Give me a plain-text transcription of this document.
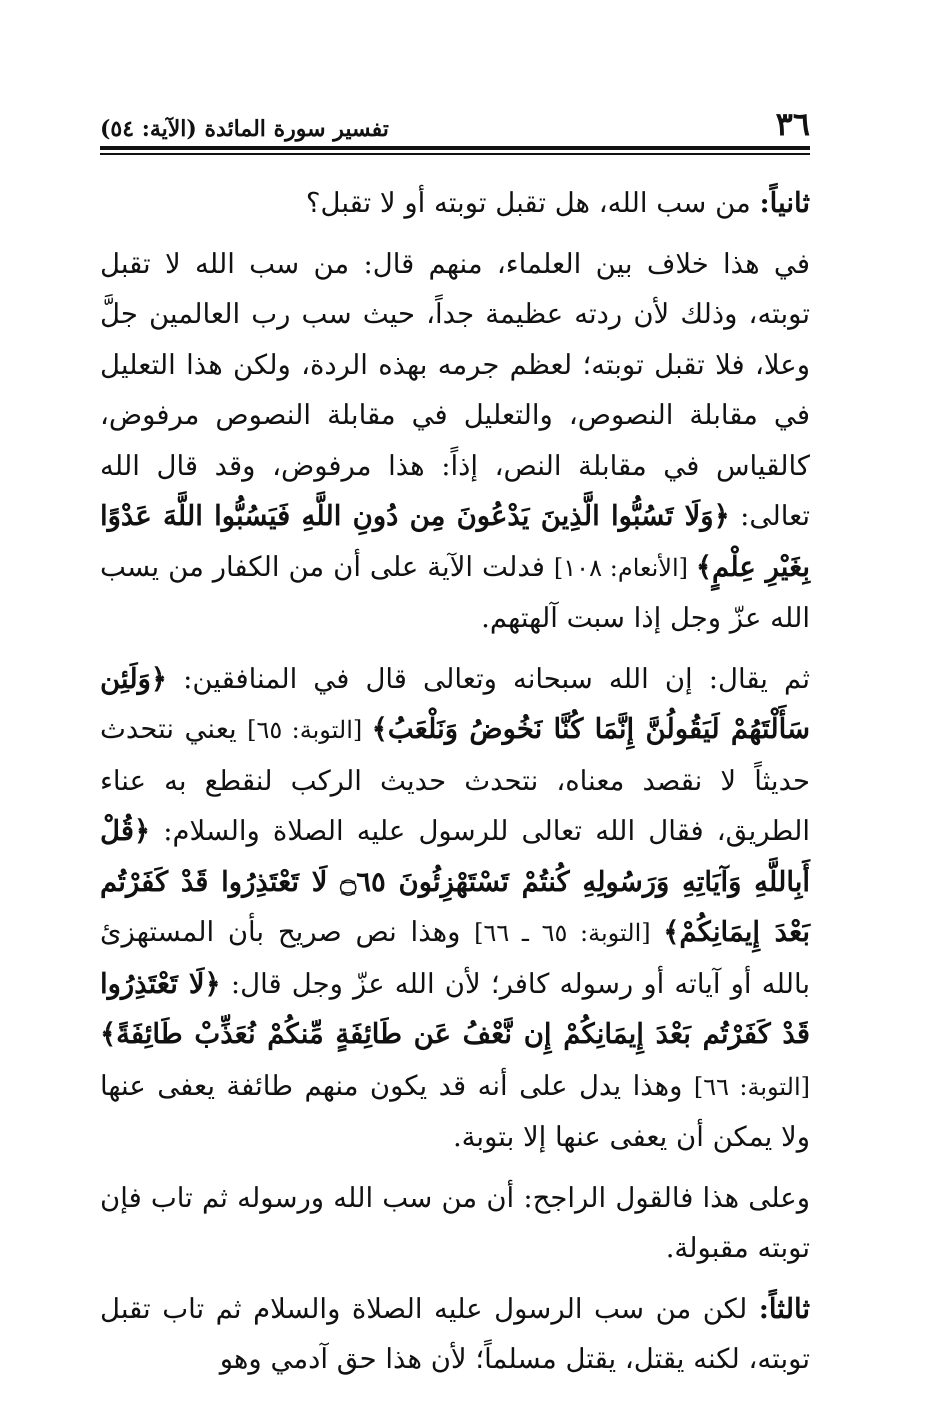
٣٦
تفسير سورة المائدة (الآية: ٥٤)

ثانياً: من سب الله، هل تقبل توبته أو لا تقبل؟

في هذا خلاف بين العلماء، منهم قال: من سب الله لا تقبل توبته، وذلك لأن ردته عظيمة جداً، حيث سب رب العالمين جلَّ وعلا، فلا تقبل توبته؛ لعظم جرمه بهذه الردة، ولكن هذا التعليل في مقابلة النصوص، والتعليل في مقابلة النصوص مرفوض، كالقياس في مقابلة النص، إذاً: هذا مرفوض، وقد قال الله تعالى: ﴿وَلَا تَسُبُّوا الَّذِينَ يَدْعُونَ مِن دُونِ اللَّهِ فَيَسُبُّوا اللَّهَ عَدْوًا بِغَيْرِ عِلْمٍ﴾ [الأنعام: ١٠٨] فدلت الآية على أن من الكفار من يسب الله عزّ وجل إذا سبت آلهتهم.

ثم يقال: إن الله سبحانه وتعالى قال في المنافقين: ﴿وَلَئِن سَأَلْتَهُمْ لَيَقُولُنَّ إِنَّمَا كُنَّا نَخُوضُ وَنَلْعَبُ﴾ [التوبة: ٦٥] يعني نتحدث حديثاً لا نقصد معناه، نتحدث حديث الركب لنقطع به عناء الطريق، فقال الله تعالى للرسول عليه الصلاة والسلام: ﴿قُلْ أَبِاللَّهِ وَآيَاتِهِ وَرَسُولِهِ كُنتُمْ تَسْتَهْزِئُونَ ۝٦٥ لَا تَعْتَذِرُوا قَدْ كَفَرْتُم بَعْدَ إِيمَانِكُمْ﴾ [التوبة: ٦٥ ـ ٦٦] وهذا نص صريح بأن المستهزئ بالله أو آياته أو رسوله كافر؛ لأن الله عزّ وجل قال: ﴿لَا تَعْتَذِرُوا قَدْ كَفَرْتُم بَعْدَ إِيمَانِكُمْ إِن نَّعْفُ عَن طَائِفَةٍ مِّنكُمْ نُعَذِّبْ طَائِفَةً﴾ [التوبة: ٦٦] وهذا يدل على أنه قد يكون منهم طائفة يعفى عنها ولا يمكن أن يعفى عنها إلا بتوبة.

وعلى هذا فالقول الراجح: أن من سب الله ورسوله ثم تاب فإن توبته مقبولة.

ثالثاً: لكن من سب الرسول عليه الصلاة والسلام ثم تاب تقبل توبته، لكنه يقتل، يقتل مسلماً؛ لأن هذا حق آدمي وهو
